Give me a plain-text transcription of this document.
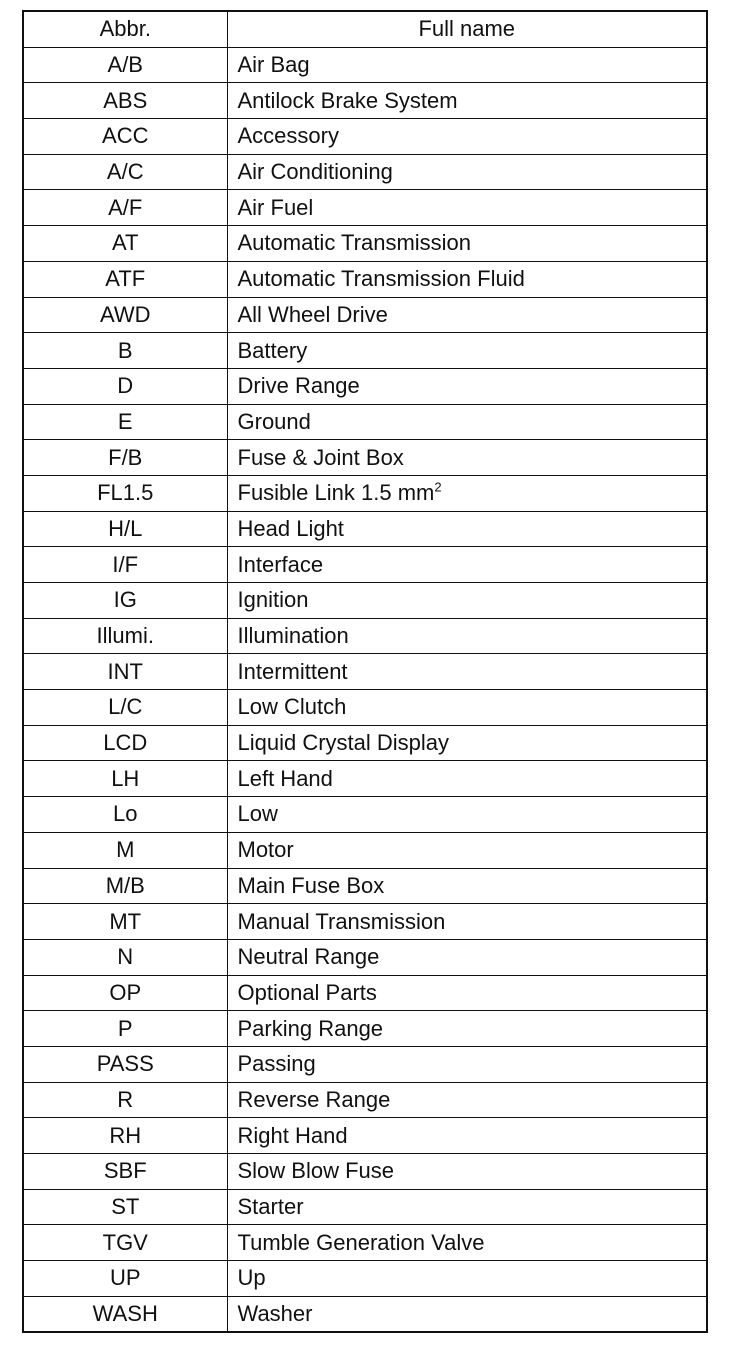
Abbr.	Full name
A/B	Air Bag
ABS	Antilock Brake System
ACC	Accessory
A/C	Air Conditioning
A/F	Air Fuel
AT	Automatic Transmission
ATF	Automatic Transmission Fluid
AWD	All Wheel Drive
B	Battery
D	Drive Range
E	Ground
F/B	Fuse & Joint Box
FL1.5	Fusible Link 1.5 $mm^2$
H/L	Head Light
I/F	Interface
IG	Ignition
Illumi.	Illumination
INT	Intermittent
L/C	Low Clutch
LCD	Liquid Crystal Display
LH	Left Hand
Lo	Low
M	Motor
M/B	Main Fuse Box
MT	Manual Transmission
N	Neutral Range
OP	Optional Parts
P	Parking Range
PASS	Passing
R	Reverse Range
RH	Right Hand
SBF	Slow Blow Fuse
ST	Starter
TGV	Tumble Generation Valve
UP	Up
WASH	Washer
